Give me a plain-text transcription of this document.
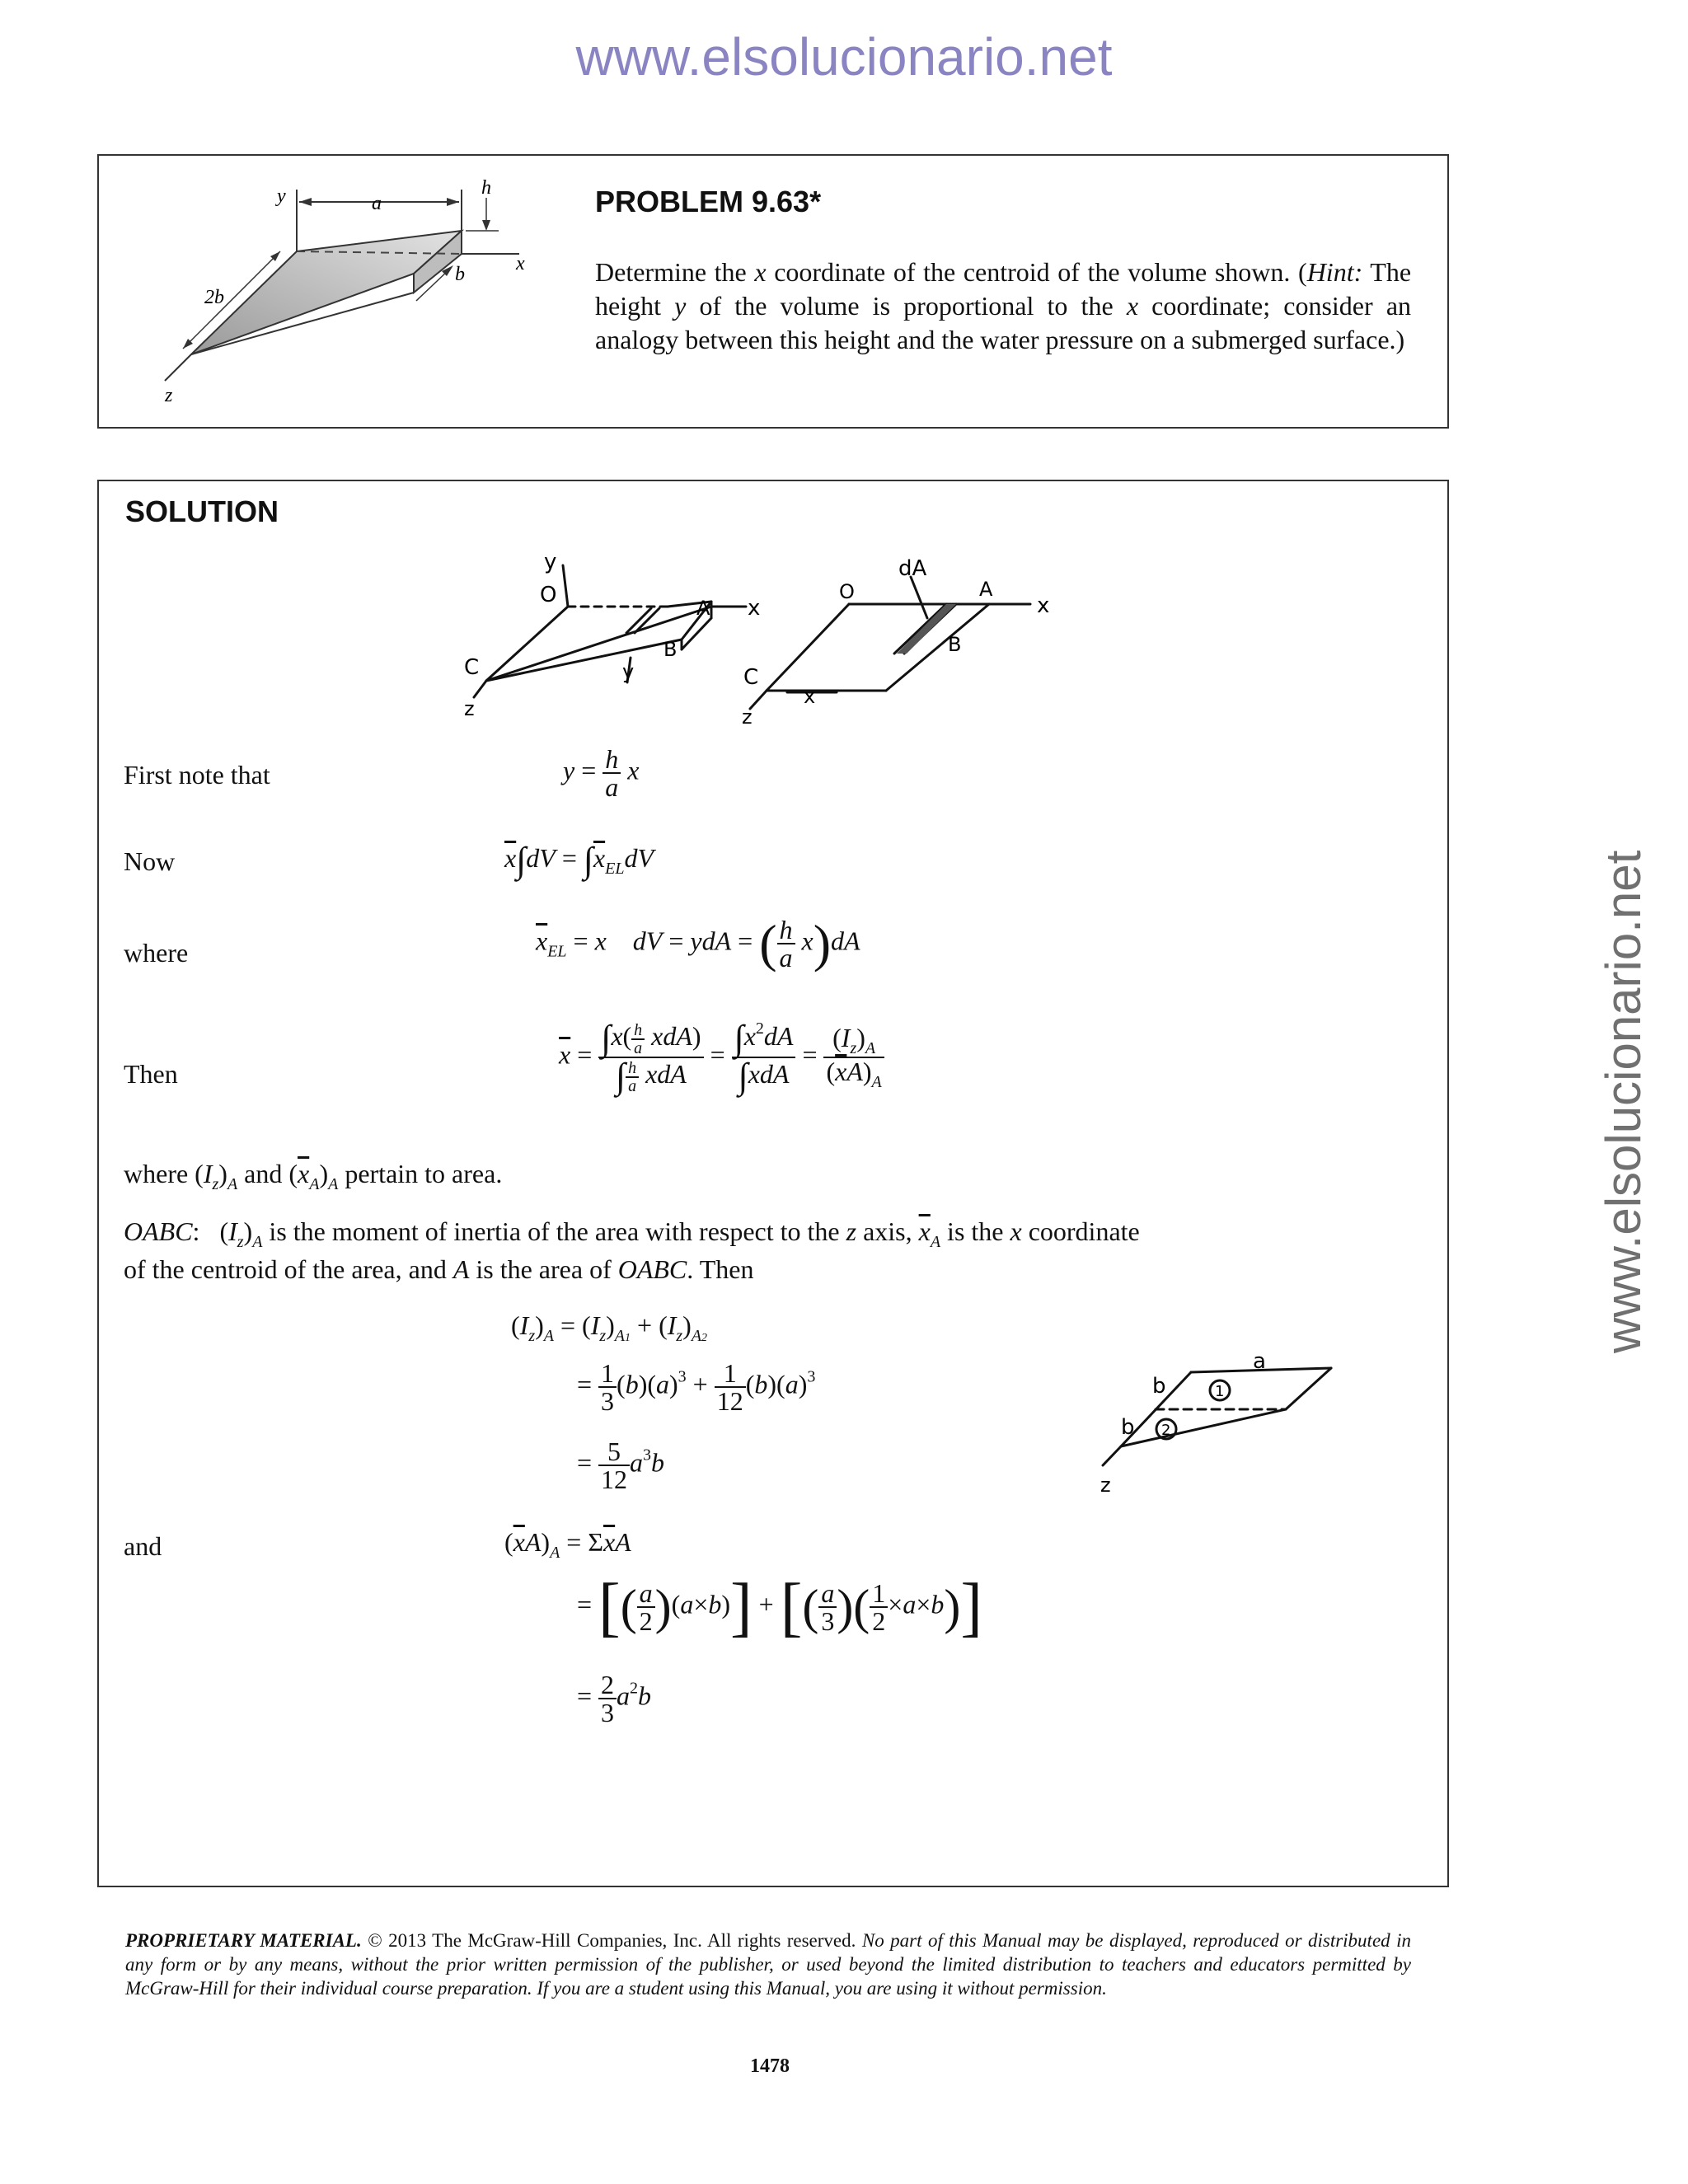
www.elsolucionario.net
www.elsolucionario.net
y	a
h
x
b
2b
z
PROBLEM 9.63*
Determine the x coordinate of the centroid of the volume shown. (Hint: The height y of the volume is proportional to the x coordinate; consider an analogy between this height and the water pressure on a submerged surface.)
SOLUTION
y
O
A x
B
C	y
z
O
dA
A
x
B
C
x
z
a
b
b
1
2
z
First note that
Now
where
Then
and
$y = \frac{h}{a}$ x
$\overline{x}\int dV = \int\overline{x}_{EL}dV$
$\overline{x}_{EL} = x$ dV = ydA = ( $\frac{h}{a} x)dA$
$\overline{x} = \frac{\int x( \frac{h}{a} xdA)}{\int \frac{h}{a} xdA} = \frac{\int x^2dA}{\text{∫xdA}} = \frac{(I_z)_A}{(\overline{x}A)_A}$
where $(I_z)_A$ and $(\overline{x}_A)_A$ pertain to area.
OABC:   $(I_z)_A$ is the moment of inertia of the area with respect to the z axis, $\overline{x}_A$ is the x coordinate
of the centroid of the area, and A is the area of OABC. Then
$(I_z)_A = (I_z)_{A1} + (I_z)_{A2}$
= $\frac{1}{3} (b)(a)^3 + \frac{1}{12} (b)(a)^3$
= $\frac{5}{12} a^3b$
$(\overline{x}A)_A = \Sigma\overline{x}A$
= [( $\frac{a}{2} )(a\times b)$] + [( $\frac{a}{3}$ )( $\frac{1}{2} \times a\times b$)]
= $\frac{2}{3} a^2b$
PROPRIETARY MATERIAL. © 2013 The McGraw-Hill Companies, Inc. All rights reserved. No part of this Manual may be displayed, reproduced or distributed in any form or by any means, without the prior written permission of the publisher, or used beyond the limited distribution to teachers and educators permitted by McGraw-Hill for their individual course preparation. If you are a student using this Manual, you are using it without permission.
1478
